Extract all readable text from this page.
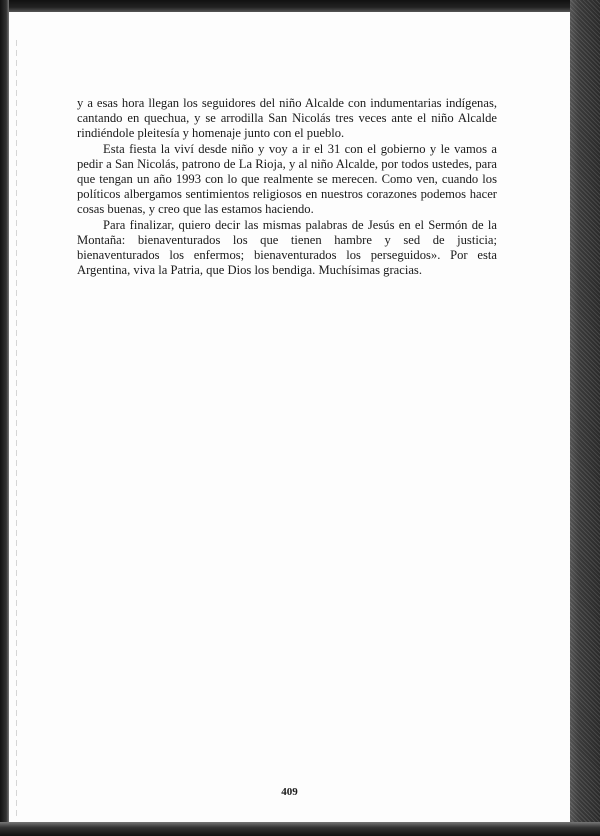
y a esas hora llegan los seguidores del niño Alcalde con indumentarias indígenas, cantando en quechua, y se arrodilla San Nicolás tres veces ante el niño Alcalde rindiéndole pleitesía y homenaje junto con el pueblo.

Esta fiesta la viví desde niño y voy a ir el 31 con el gobierno y le vamos a pedir a San Nicolás, patrono de La Rioja, y al niño Alcalde, por todos ustedes, para que tengan un año 1993 con lo que realmente se merecen. Como ven, cuando los políticos albergamos sentimientos religiosos en nuestros corazones podemos hacer cosas buenas, y creo que las estamos haciendo.

Para finalizar, quiero decir las mismas palabras de Jesús en el Sermón de la Montaña: bienaventurados los que tienen hambre y sed de justicia; bienaventurados los enfermos; bienaventurados los perseguidos». Por esta Argentina, viva la Patria, que Dios los bendiga. Muchísimas gracias.

409
